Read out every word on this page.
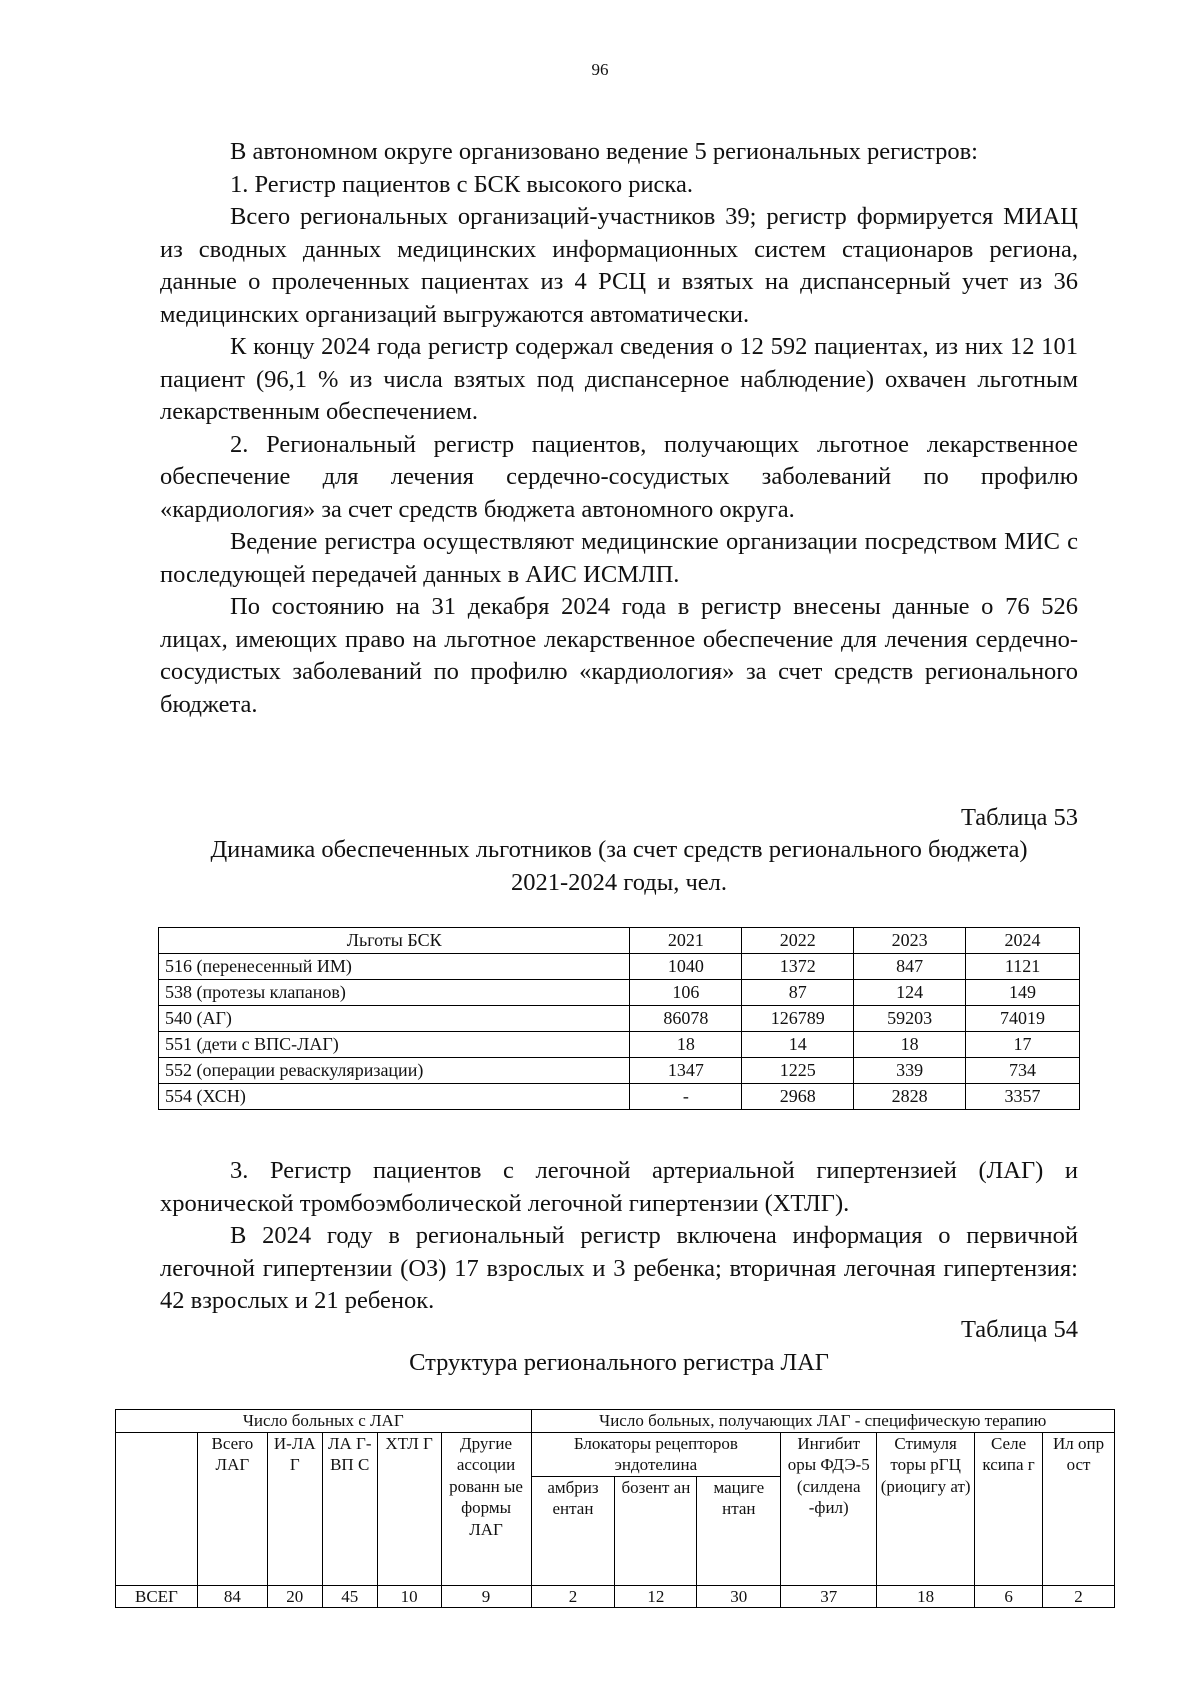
96

В автономном округе организовано ведение 5 региональных регистров:

1. Регистр пациентов с БСК высокого риска.

Всего региональных организаций-участников 39; регистр формируется МИАЦ из сводных данных медицинских информационных систем стационаров региона, данные о пролеченных пациентах из 4 РСЦ и взятых на диспансерный учет из 36 медицинских организаций выгружаются автоматически.

К концу 2024 года регистр содержал сведения о 12 592 пациентах, из них 12 101 пациент (96,1 % из числа взятых под диспансерное наблюдение) охвачен льготным лекарственным обеспечением.

2. Региональный регистр пациентов, получающих льготное лекарственное обеспечение для лечения сердечно-сосудистых заболеваний по профилю «кардиология» за счет средств бюджета автономного округа.

Ведение регистра осуществляют медицинские организации посредством МИС с последующей передачей данных в АИС ИСМЛП.

По состоянию на 31 декабря 2024 года в регистр внесены данные о 76 526 лицах, имеющих право на льготное лекарственное обеспечение для лечения сердечно-сосудистых заболеваний по профилю «кардиология» за счет средств регионального бюджета.

Таблица 53
Динамика обеспеченных льготников (за счет средств регионального бюджета) 2021-2024 годы, чел.
Льготы БСК	2021	2022	2023	2024
516 (перенесенный ИМ)	1040	1372	847	1121
538 (протезы клапанов)	106	87	124	149
540 (АГ)	86078	126789	59203	74019
551 (дети с ВПС-ЛАГ)	18	14	18	17
552 (операции реваскуляризации)	1347	1225	339	734
554 (ХСН)	-	2968	2828	3357

3. Регистр пациентов с легочной артериальной гипертензией (ЛАГ) и хронической тромбоэмболической легочной гипертензии (ХТЛГ).

В 2024 году в региональный регистр включена информация о первичной легочной гипертензии (ОЗ) 17 взрослых и 3 ребенка; вторичная легочная гипертензия: 42 взрослых и 21 ребенок.

Таблица 54
Структура регионального регистра ЛАГ
Число больных с ЛАГ						Число больных, получающих ЛАГ - специфическую терапию						
	Всего ЛАГ	И-ЛА Г	ЛА Г-ВП С	ХТЛ Г	Другие ассоции рованн ые формы ЛАГ	Блокаторы рецепторов эндотелина			Ингибит оры ФДЭ-5 (силдена -фил)	Стимуля торы рГЦ (риоцигу ат)	Селе ксипа г	Ил опр ост
						амбриз ентан	бозент ан	мациге нтан				
ВСЕГ	84	20	45	10	9	2	12	30	37	18	6	2
